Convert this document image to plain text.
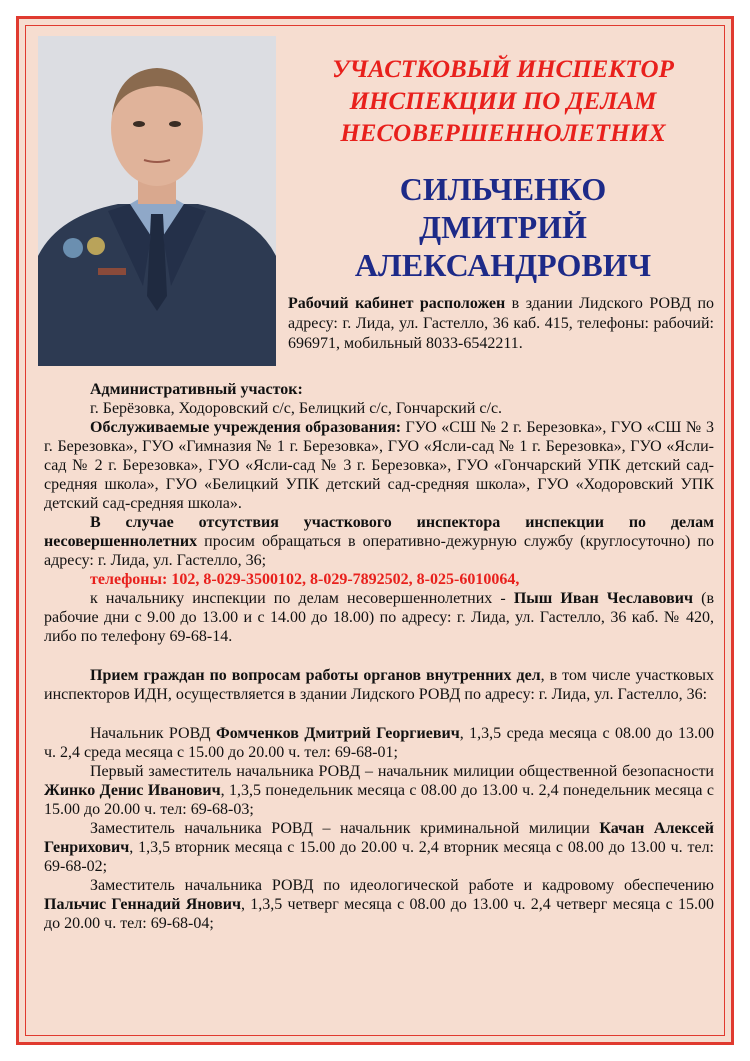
УЧАСТКОВЫЙ ИНСПЕКТОР
ИНСПЕКЦИИ ПО ДЕЛАМ
НЕСОВЕРШЕННОЛЕТНИХ
СИЛЬЧЕНКО
ДМИТРИЙ
АЛЕКСАНДРОВИЧ
Рабочий кабинет расположен в здании Лидского РОВД по адресу: г. Лида, ул. Гастелло, 36 каб. 415, телефоны: рабочий: 696971, мобильный 8033-6542211.

Административный участок:

г. Берёзовка, Ходоровский с/с, Белицкий с/с, Гончарский с/с.

Обслуживаемые учреждения образования: ГУО «СШ № 2 г. Березовка», ГУО «СШ № 3 г. Березовка», ГУО «Гимназия № 1 г. Березовка», ГУО «Ясли-сад № 1 г. Березовка», ГУО «Ясли-сад № 2 г. Березовка», ГУО «Ясли-сад № 3 г. Березовка», ГУО «Гончарский УПК детский сад-средняя школа», ГУО «Белицкий УПК детский сад-средняя школа», ГУО «Ходоровский УПК детский сад-средняя школа».

В случае отсутствия участкового инспектора инспекции по делам несовершеннолетних просим обращаться в оперативно-дежурную службу (круглосуточно) по адресу: г. Лида, ул. Гастелло, 36;

телефоны: 102, 8-029-3500102, 8-029-7892502, 8-025-6010064,

к начальнику инспекции по делам несовершеннолетних - Пыш Иван Чеславович (в рабочие дни с 9.00 до 13.00 и с 14.00 до 18.00) по адресу: г. Лида, ул. Гастелло, 36 каб. № 420, либо по телефону 69-68-14.

Прием граждан по вопросам работы органов внутренних дел, в том числе участковых инспекторов ИДН, осуществляется в здании Лидского РОВД по адресу: г. Лида, ул. Гастелло, 36:

Начальник РОВД Фомченков Дмитрий Георгиевич, 1,3,5 среда месяца с 08.00 до 13.00 ч. 2,4 среда месяца с 15.00 до 20.00 ч. тел: 69-68-01;

Первый заместитель начальника РОВД – начальник милиции общественной безопасности Жинко Денис Иванович, 1,3,5 понедельник месяца с 08.00 до 13.00 ч. 2,4 понедельник месяца с 15.00 до 20.00 ч. тел: 69-68-03;

Заместитель начальника РОВД – начальник криминальной милиции Качан Алексей Генрихович, 1,3,5 вторник месяца с 15.00 до 20.00 ч. 2,4 вторник месяца с 08.00 до 13.00 ч. тел: 69-68-02;

Заместитель начальника РОВД по идеологической работе и кадровому обеспечению Пальчис Геннадий Янович, 1,3,5 четверг месяца с 08.00 до 13.00 ч. 2,4 четверг месяца с 15.00 до 20.00 ч. тел: 69-68-04;
